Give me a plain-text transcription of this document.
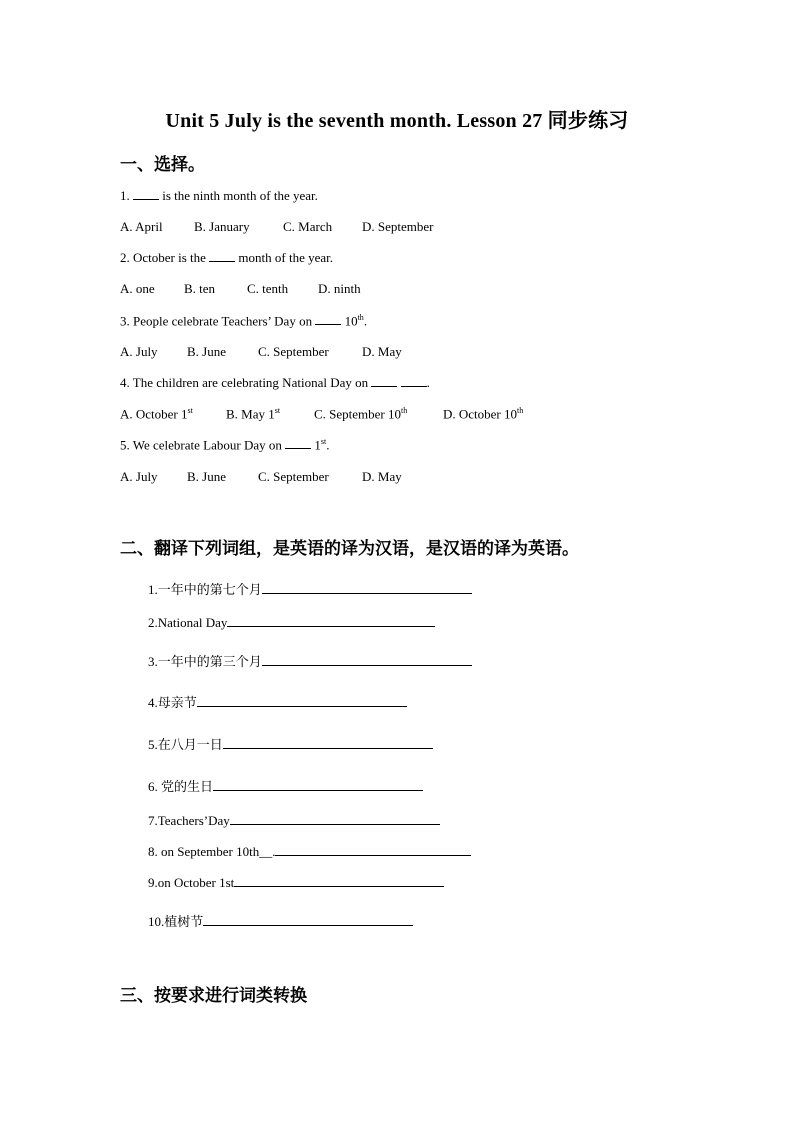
Unit 5 July is the seventh month. Lesson 27 同步练习
一、选择。
1.  is the ninth month of the year.
A. April B. January	C. March D. September
2. October is the  month of the year.
A. one B. ten C. tenth D. ninth
3. People celebrate Teachers’ Day on  10th.
A. July B. June C. September	D. May
4. The children are celebrating National Day on	.
A. October 1st	B. May 1st	C. September 10th	D. October 10th
5. We celebrate Labour Day on  1st.
A. July B. June C. September	D. May
二、翻译下列词组，是英语的译为汉语，是汉语的译为英语。
1.一年中的第七个月
2.National Day
3.一年中的第三个月
4.母亲节
5.在八月一日
6. 党的生日
7.Teachers’Day
8. on September 10th__.
9.on October 1st
10.植树节
三、按要求进行词类转换
